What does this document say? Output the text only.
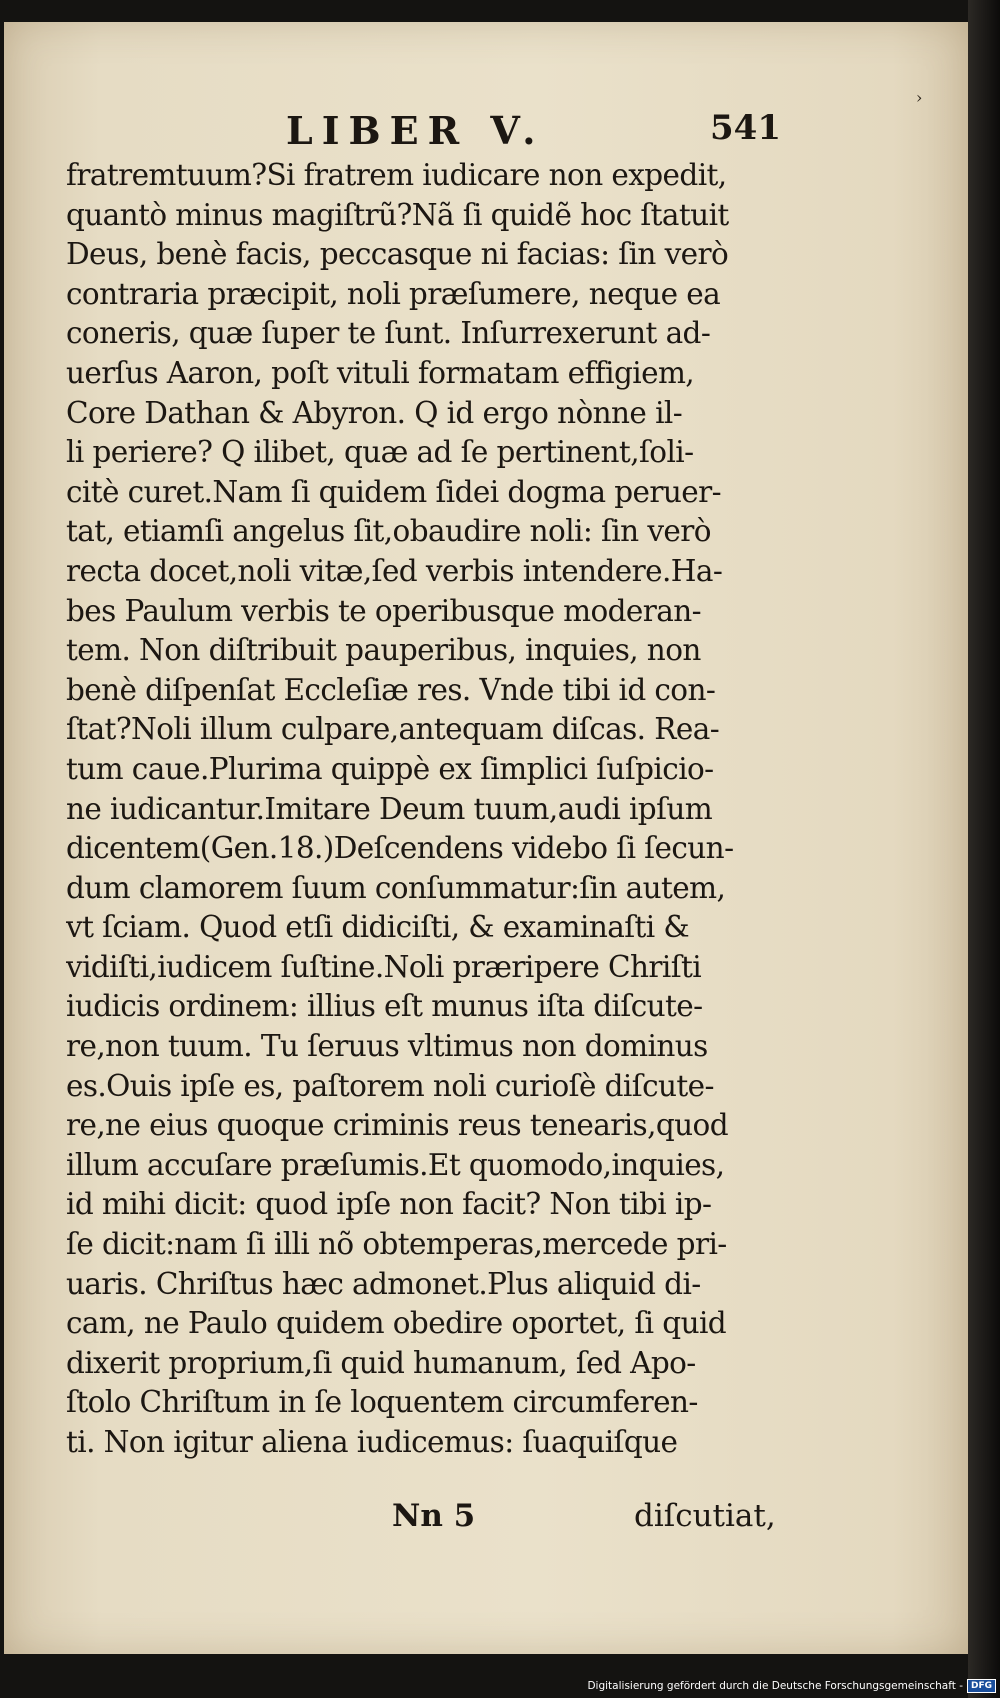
LIBER V.	541
›
fratremtuum?Si fratrem iudicare non expedit,
quantò minus magiſtrũ?Nã ſi quidẽ hoc ſtatuit
Deus, benè facis, peccasque ni facias: ſin verò
contraria præcipit, noli præſumere, neque ea
coneris, quæ ſuper te ſunt. Inſurrexerunt ad-
uerſus Aaron, poſt vituli formatam effigiem,
Core Dathan & Abyron. Q id ergo nònne il-
li periere? Q ilibet, quæ ad ſe pertinent,ſoli-
citè curet.Nam ſi quidem ſidei dogma peruer-
tat, etiamſi angelus ſit,obaudire noli: ſin verò
recta docet,noli vitæ,ſed verbis intendere.Ha-
bes Paulum verbis te operibusque moderan-
tem. Non diſtribuit pauperibus, inquies, non
benè diſpenſat Eccleſiæ res. Vnde tibi id con-
ſtat?Noli illum culpare,antequam diſcas. Rea-
tum caue.Plurima quippè ex ſimplici ſuſpicio-
ne iudicantur.Imitare Deum tuum,audi ipſum
dicentem(Gen.18.)Deſcendens videbo ſi ſecun-
dum clamorem ſuum conſummatur:ſin autem,
vt ſciam. Quod etſi didiciſti, & examinaſti &
vidiſti,iudicem ſuſtine.Noli præripere Chriſti
iudicis ordinem: illius eſt munus iſta diſcute-
re,non tuum. Tu ſeruus vltimus non dominus
es.Ouis ipſe es, paſtorem noli curioſè diſcute-
re,ne eius quoque criminis reus tenearis,quod
illum accuſare præſumis.Et quomodo,inquies,
id mihi dicit: quod ipſe non facit? Non tibi ip-
ſe dicit:nam ſi illi nõ obtemperas,mercede pri-
uaris. Chriſtus hæc admonet.Plus aliquid di-
cam, ne Paulo quidem obedire oportet, ſi quid
dixerit proprium,ſi quid humanum, ſed Apo-
ſtolo Chriſtum in ſe loquentem circumferen-
ti. Non igitur aliena iudicemus: ſuaquiſque
Nn 5	diſcutiat,
Digitalisierung gefördert durch die Deutsche Forschungsgemeinschaft - DFG
